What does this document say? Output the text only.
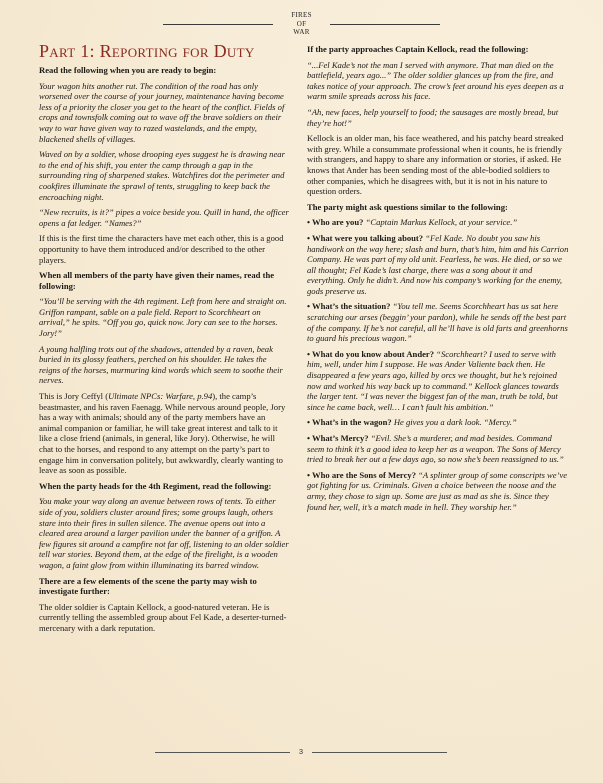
FIRES
OF
WAR
Part 1: Reporting for Duty

Read the following when you are ready to begin:

Your wagon hits another rut. The condition of the road has only worsened over the course of your journey, maintenance having become less of a priority the closer you get to the heart of the conflict. Fields of crops and townsfolk coming out to wave off the brave soldiers on their way to war have given way to razed wastelands, and the empty, blackened shells of villages.

Waved on by a soldier, whose drooping eyes suggest he is drawing near to the end of his shift, you enter the camp through a gap in the surrounding ring of sharpened stakes. Watchfires dot the perimeter and cookfires illuminate the sprawl of tents, struggling to keep back the encroaching night.

“New recruits, is it?” pipes a voice beside you. Quill in hand, the officer opens a fat ledger. “Names?”

If this is the first time the characters have met each other, this is a good opportunity to have them introduced and/or described to the other players.

When all members of the party have given their names, read the following:

“You’ll be serving with the 4th regiment. Left from here and straight on. Griffon rampant, sable on a pale field. Report to Scorchheart on arrival,” he spits. “Off you go, quick now. Jory can see to the horses. Jory!”

A young halfling trots out of the shadows, attended by a raven, beak buried in its glossy feathers, perched on his shoulder. He takes the reigns of the horses, murmuring kind words which seem to soothe their nerves.

This is Jory Ceffyl (Ultimate NPCs: Warfare, p.94), the camp’s beastmaster, and his raven Faenagg. While nervous around people, Jory has a way with animals; should any of the party members have an animal companion or familiar, he will take great interest and talk to it like a close friend (animals, in general, like Jory). Otherwise, he will chat to the horses, and respond to any attempt on the party’s part to engage him in conversation politely, but awkwardly, clearly wanting to leave as soon as possible.

When the party heads for the 4th Regiment, read the following:

You make your way along an avenue between rows of tents. To either side of you, soldiers cluster around fires; some groups laugh, others stare into their fires in sullen silence. The avenue opens out into a cleared area around a larger pavilion under the banner of a griffon. A few figures sit around a campfire not far off, listening to an older soldier tell war stories. Beyond them, at the edge of the firelight, is a wooden wagon, a faint glow from within illuminating its barred window.

There are a few elements of the scene the party may wish to investigate further:

The older soldier is Captain Kellock, a good-natured veteran. He is currently telling the assembled group about Fel Kade, a deserter-turned-mercenary with a dark reputation.

If the party approaches Captain Kellock, read the following:

“...Fel Kade’s not the man I served with anymore. That man died on the battlefield, years ago...” The older soldier glances up from the fire, and takes notice of your approach. The crow’s feet around his eyes deepen as a warm smile spreads across his face.

“Ah, new faces, help yourself to food; the sausages are mostly bread, but they’re hot!”

Kellock is an older man, his face weathered, and his patchy beard streaked with grey. While a consummate professional when it counts, he is friendly with strangers, and happy to share any information or stories, if asked. He knows that Ander has been sending most of the able-bodied soldiers to other companies, which he disagrees with, but it is not in his nature to question orders.

The party might ask questions similar to the following:

• Who are you? “Captain Markus Kellock, at your service.”

• What were you talking about? “Fel Kade. No doubt you saw his handiwork on the way here; slash and burn, that’s him, him and his Carrion Company. He was part of my old unit. Fearless, he was. He died, or so we all thought; Fel Kade’s last charge, there was a song about it and everything. Only he didn’t. And now his company’s working for the enemy, gods preserve us.

• What’s the situation? “You tell me. Seems Scorchheart has us sat here scratching our arses (beggin’ your pardon), while he sends off the best part of the company. If he’s not careful, all he’ll have is old farts and greenhorns to guard his precious wagon.”

• What do you know about Ander? “Scorchheart? I used to serve with him, well, under him I suppose. He was Ander Valiente back then. He disappeared a few years ago, killed by orcs we thought, but he’s rejoined now and worked his way back up to command.” Kellock glances towards the larger tent. “I was never the biggest fan of the man, truth be told, but since he came back, well… I can’t fault his ambition.”

• What’s in the wagon? He gives you a dark look. “Mercy.”

• What’s Mercy? “Evil. She’s a murderer, and mad besides. Command seem to think it’s a good idea to keep her as a weapon. The Sons of Mercy tried to break her out a few days ago, so now she’s been reassigned to us.”

• Who are the Sons of Mercy? “A splinter group of some conscripts we’ve got fighting for us. Criminals. Given a choice between the noose and the army, they chose to sign up. Some are just as mad as she is. Since they found her, well, it’s a match made in hell. They worship her.”

3
